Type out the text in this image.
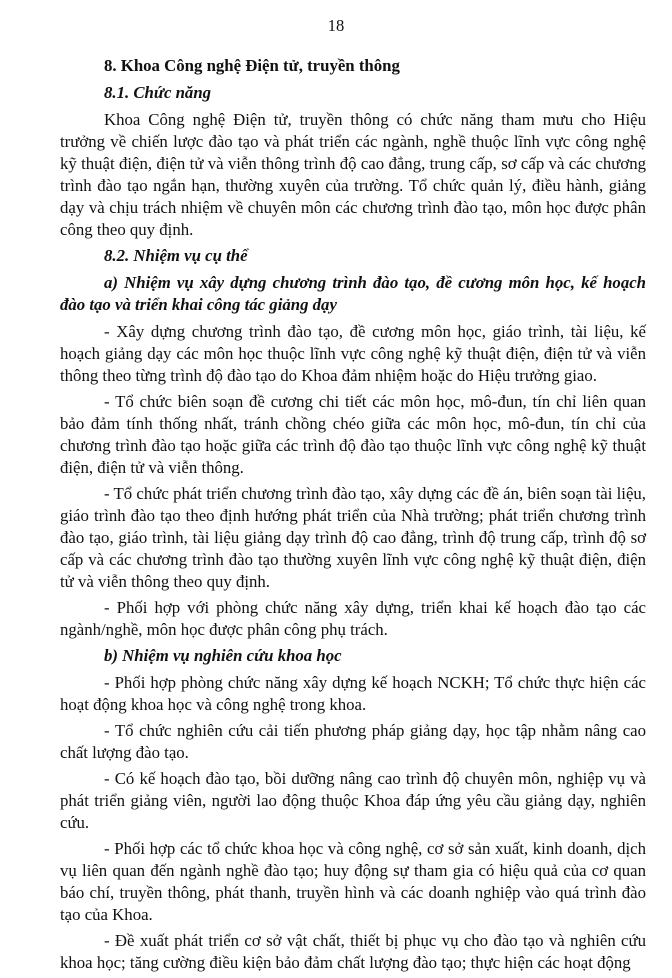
18
8. Khoa Công nghệ Điện tử, truyền thông
8.1. Chức năng

Khoa Công nghệ Điện tử, truyền thông có chức năng tham mưu cho Hiệu trưởng về chiến lược đào tạo và phát triển các ngành, nghề thuộc lĩnh vực công nghệ kỹ thuật điện, điện tử và viễn thông trình độ cao đẳng, trung cấp, sơ cấp và các chương trình đào tạo ngắn hạn, thường xuyên của trường. Tổ chức quản lý, điều hành, giảng dạy và chịu trách nhiệm về chuyên môn các chương trình đào tạo, môn học được phân công theo quy định.

8.2. Nhiệm vụ cụ thể
a) Nhiệm vụ xây dựng chương trình đào tạo, đề cương môn học, kế hoạch đào tạo và triển khai công tác giảng dạy

- Xây dựng chương trình đào tạo, đề cương môn học, giáo trình, tài liệu, kế hoạch giảng dạy các môn học thuộc lĩnh vực công nghệ kỹ thuật điện, điện tử và viễn thông theo từng trình độ đào tạo do Khoa đảm nhiệm hoặc do Hiệu trưởng giao.

- Tổ chức biên soạn đề cương chi tiết các môn học, mô-đun, tín chỉ liên quan bảo đảm tính thống nhất, tránh chồng chéo giữa các môn học, mô-đun, tín chỉ của chương trình đào tạo hoặc giữa các trình độ đào tạo thuộc lĩnh vực công nghệ kỹ thuật điện, điện tử và viễn thông.

- Tổ chức phát triển chương trình đào tạo, xây dựng các đề án, biên soạn tài liệu, giáo trình đào tạo theo định hướng phát triển của Nhà trường; phát triển chương trình đào tạo, giáo trình, tài liệu giảng dạy trình độ cao đẳng, trình độ trung cấp, trình độ sơ cấp và các chương trình đào tạo thường xuyên lĩnh vực công nghệ kỹ thuật điện, điện tử và viễn thông theo quy định.

- Phối hợp với phòng chức năng xây dựng, triển khai kế hoạch đào tạo các ngành/nghề, môn học được phân công phụ trách.

b) Nhiệm vụ nghiên cứu khoa học

- Phối hợp phòng chức năng xây dựng kế hoạch NCKH; Tổ chức thực hiện các hoạt động khoa học và công nghệ trong khoa.

- Tổ chức nghiên cứu cải tiến phương pháp giảng dạy, học tập nhằm nâng cao chất lượng đào tạo.

- Có kế hoạch đào tạo, bồi dưỡng nâng cao trình độ chuyên môn, nghiệp vụ và phát triển giảng viên, người lao động thuộc Khoa đáp ứng yêu cầu giảng dạy, nghiên cứu.

- Phối hợp các tổ chức khoa học và công nghệ, cơ sở sản xuất, kinh doanh, dịch vụ liên quan đến ngành nghề đào tạo; huy động sự tham gia có hiệu quả của cơ quan báo chí, truyền thông, phát thanh, truyền hình và các doanh nghiệp vào quá trình đào tạo của Khoa.

- Đề xuất phát triển cơ sở vật chất, thiết bị phục vụ cho đào tạo và nghiên cứu khoa học; tăng cường điều kiện bảo đảm chất lượng đào tạo; thực hiện các hoạt động
